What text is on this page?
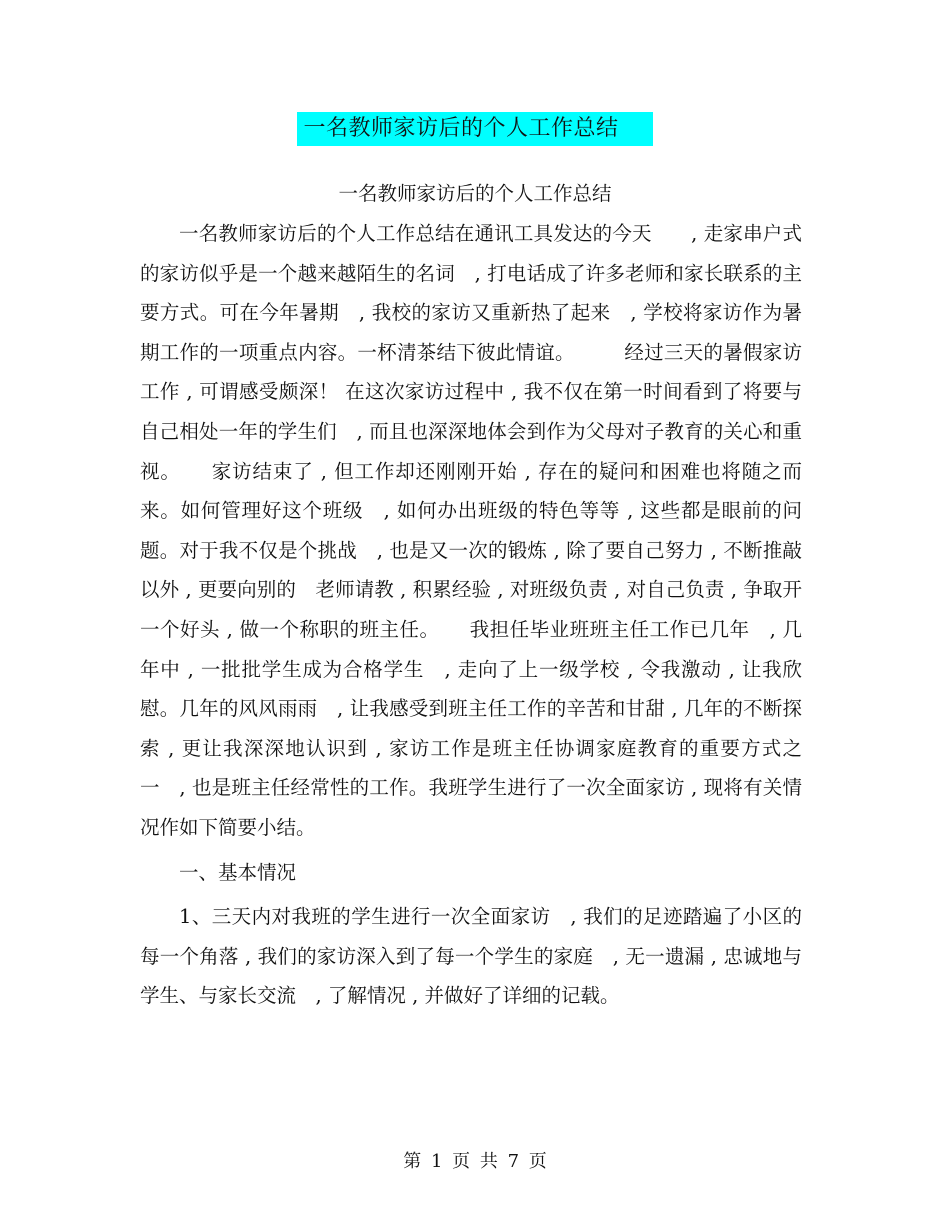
一名教师家访后的个人工作总结
一名教师家访后的个人工作总结

一名教师家访后的个人工作总结在通讯工具发达的今天　　, 走家串户式的家访似乎是一个越来越陌生的名词　, 打电话成了许多老师和家长联系的主要方式。可在今年暑期　, 我校的家访又重新热了起来　, 学校将家访作为暑期工作的一项重点内容。一杯清茶结下彼此情谊。　　　经过三天的暑假家访工作 , 可谓感受颇深！ 在这次家访过程中 , 我不仅在第一时间看到了将要与自己相处一年的学生们　, 而且也深深地体会到作为父母对子教育的关心和重视。　　家访结束了 , 但工作却还刚刚开始 , 存在的疑问和困难也将随之而来。如何管理好这个班级　, 如何办出班级的特色等等 , 这些都是眼前的问题。对于我不仅是个挑战　, 也是又一次的锻炼 , 除了要自己努力 , 不断推敲以外 , 更要向别的　老师请教 , 积累经验 , 对班级负责 , 对自己负责 , 争取开一个好头 , 做一个称职的班主任。　　我担任毕业班班主任工作已几年　, 几年中 , 一批批学生成为合格学生　, 走向了上一级学校 , 令我激动 , 让我欣慰。几年的风风雨雨　, 让我感受到班主任工作的辛苦和甘甜 , 几年的不断探索 , 更让我深深地认识到 , 家访工作是班主任协调家庭教育的重要方式之一　, 也是班主任经常性的工作。我班学生进行了一次全面家访 , 现将有关情况作如下简要小结。

一、基本情况

1、三天内对我班的学生进行一次全面家访　, 我们的足迹踏遍了小区的每一个角落 , 我们的家访深入到了每一个学生的家庭　, 无一遗漏 , 忠诚地与学生、与家长交流　, 了解情况 , 并做好了详细的记载。

第 1 页 共 7 页
